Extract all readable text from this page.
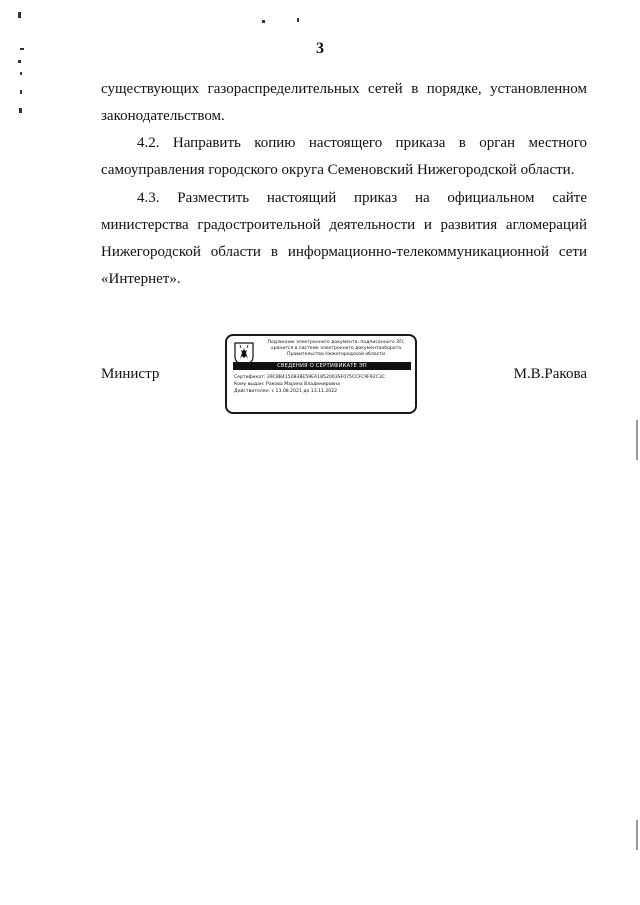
3

существующих газораспределительных сетей в порядке, установленном законодательством.

4.2. Направить копию настоящего приказа в орган местного самоуправления городского округа Семеновский Нижегородской области.

4.3. Разместить настоящий приказ на официальном сайте министерства градостроительной деятельности и развития агломераций Нижегородской области в информационно-телекоммуникационной сети «Интернет».

Министр
Подлинник электронного документа, подписанного ЭП, хранится в системе электронного документооборота Правительства Нижегородской области
СВЕДЕНИЯ О СЕРТИФИКАТЕ ЭП
Сертификат: 39C8B4150838E59EA1852003SF075CCFC9F92C3C
Кому выдан: Ракова Марина Владимировна
Действителен: с 13.08.2021 до 13.11.2022
М.В.Ракова
